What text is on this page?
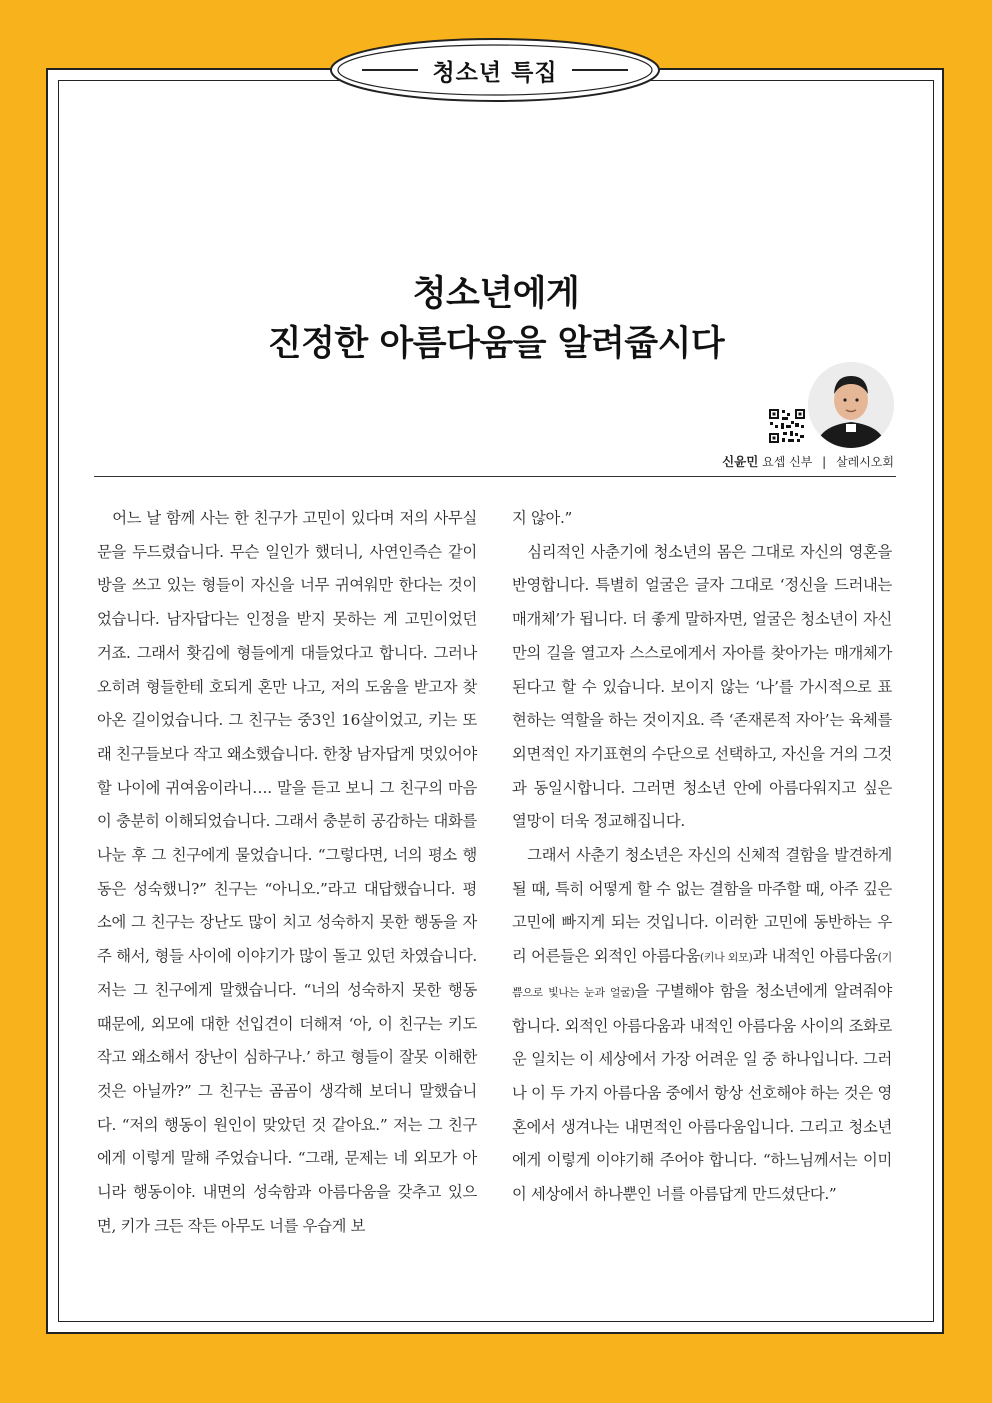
청소년 특집
청소년에게
진정한 아름다움을 알려줍시다
신윤민 요셉 신부 | 살레시오회

어느 날 함께 사는 한 친구가 고민이 있다며 저의 사무실 문을 두드렸습니다. 무슨 일인가 했더니, 사연인즉슨 같이 방을 쓰고 있는 형들이 자신을 너무 귀여워만 한다는 것이었습니다. 남자답다는 인정을 받지 못하는 게 고민이었던 거죠. 그래서 홧김에 형들에게 대들었다고 합니다. 그러나 오히려 형들한테 호되게 혼만 나고, 저의 도움을 받고자 찾아온 길이었습니다. 그 친구는 중3인 16살이었고, 키는 또래 친구들보다 작고 왜소했습니다. 한창 남자답게 멋있어야 할 나이에 귀여움이라니…. 말을 듣고 보니 그 친구의 마음이 충분히 이해되었습니다. 그래서 충분히 공감하는 대화를 나눈 후 그 친구에게 물었습니다. “그렇다면, 너의 평소 행동은 성숙했니?” 친구는 “아니오.”라고 대답했습니다. 평소에 그 친구는 장난도 많이 치고 성숙하지 못한 행동을 자주 해서, 형들 사이에 이야기가 많이 돌고 있던 차였습니다. 저는 그 친구에게 말했습니다. “너의 성숙하지 못한 행동 때문에, 외모에 대한 선입견이 더해져 ‘아, 이 친구는 키도 작고 왜소해서 장난이 심하구나.’ 하고 형들이 잘못 이해한 것은 아닐까?” 그 친구는 곰곰이 생각해 보더니 말했습니다. “저의 행동이 원인이 맞았던 것 같아요.” 저는 그 친구에게 이렇게 말해 주었습니다. “그래, 문제는 네 외모가 아니라 행동이야. 내면의 성숙함과 아름다움을 갖추고 있으면, 키가 크든 작든 아무도 너를 우습게 보

지 않아.”

심리적인 사춘기에 청소년의 몸은 그대로 자신의 영혼을 반영합니다. 특별히 얼굴은 글자 그대로 ‘정신을 드러내는 매개체’가 됩니다. 더 좋게 말하자면, 얼굴은 청소년이 자신만의 길을 열고자 스스로에게서 자아를 찾아가는 매개체가 된다고 할 수 있습니다. 보이지 않는 ‘나’를 가시적으로 표현하는 역할을 하는 것이지요. 즉 ‘존재론적 자아’는 육체를 외면적인 자기표현의 수단으로 선택하고, 자신을 거의 그것과 동일시합니다. 그러면 청소년 안에 아름다워지고 싶은 열망이 더욱 정교해집니다.

그래서 사춘기 청소년은 자신의 신체적 결함을 발견하게 될 때, 특히 어떻게 할 수 없는 결함을 마주할 때, 아주 깊은 고민에 빠지게 되는 것입니다. 이러한 고민에 동반하는 우리 어른들은 외적인 아름다움(키나 외모)과 내적인 아름다움(기쁨으로 빛나는 눈과 얼굴)을 구별해야 함을 청소년에게 알려줘야 합니다. 외적인 아름다움과 내적인 아름다움 사이의 조화로운 일치는 이 세상에서 가장 어려운 일 중 하나입니다. 그러나 이 두 가지 아름다움 중에서 항상 선호해야 하는 것은 영혼에서 생겨나는 내면적인 아름다움입니다. 그리고 청소년에게 이렇게 이야기해 주어야 합니다. “하느님께서는 이미 이 세상에서 하나뿐인 너를 아름답게 만드셨단다.”
